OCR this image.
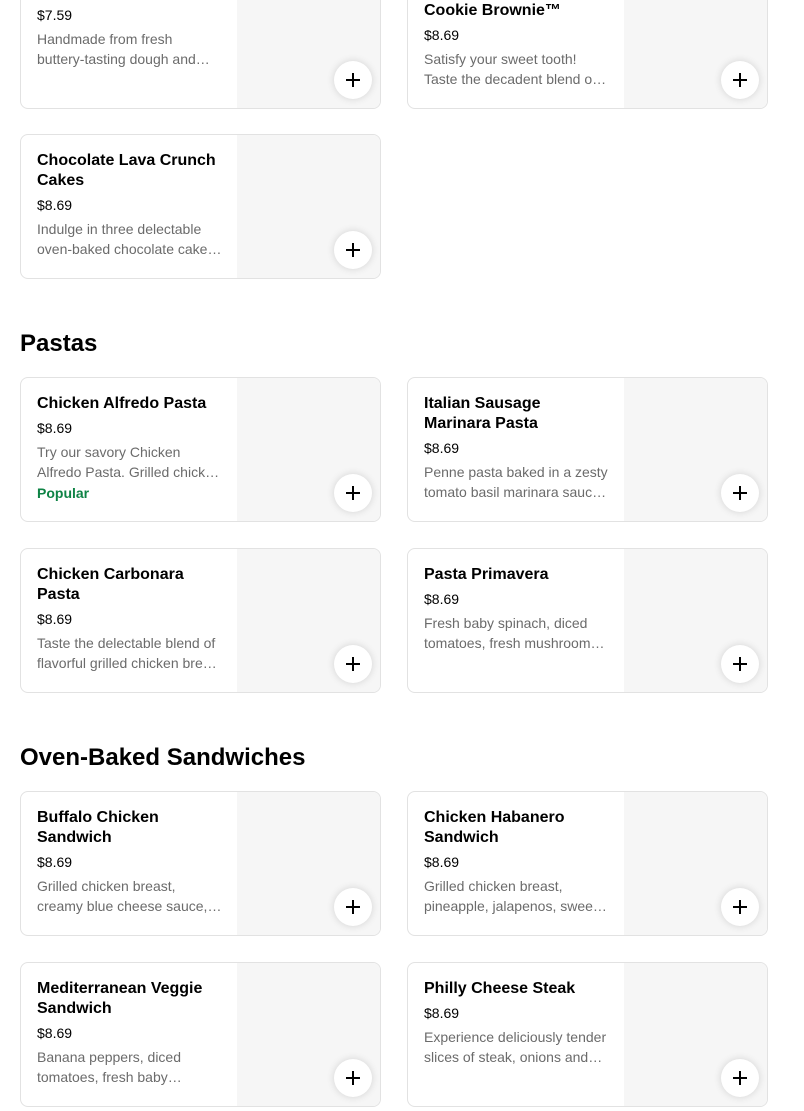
$7.59
Handmade from fresh buttery-tasting dough and
Cookie Brownie™
$8.69
Satisfy your sweet tooth! Taste the decadent blend of
Chocolate Lava Crunch Cakes
$8.69
Indulge in three delectable oven-baked chocolate cakes
Pastas
Chicken Alfredo Pasta
$8.69
Try our savory Chicken Alfredo Pasta. Grilled chicken
Popular
Italian Sausage Marinara Pasta
$8.69
Penne pasta baked in a zesty tomato basil marinara sauce
Chicken Carbonara Pasta
$8.69
Taste the delectable blend of flavorful grilled chicken breast
Pasta Primavera
$8.69
Fresh baby spinach, diced tomatoes, fresh mushrooms
Oven-Baked Sandwiches
Buffalo Chicken Sandwich
$8.69
Grilled chicken breast, creamy blue cheese sauce,
Chicken Habanero Sandwich
$8.69
Grilled chicken breast, pineapple, jalapenos, sweet
Mediterranean Veggie Sandwich
$8.69
Banana peppers, diced tomatoes, fresh baby
Philly Cheese Steak
$8.69
Experience deliciously tender slices of steak, onions and
